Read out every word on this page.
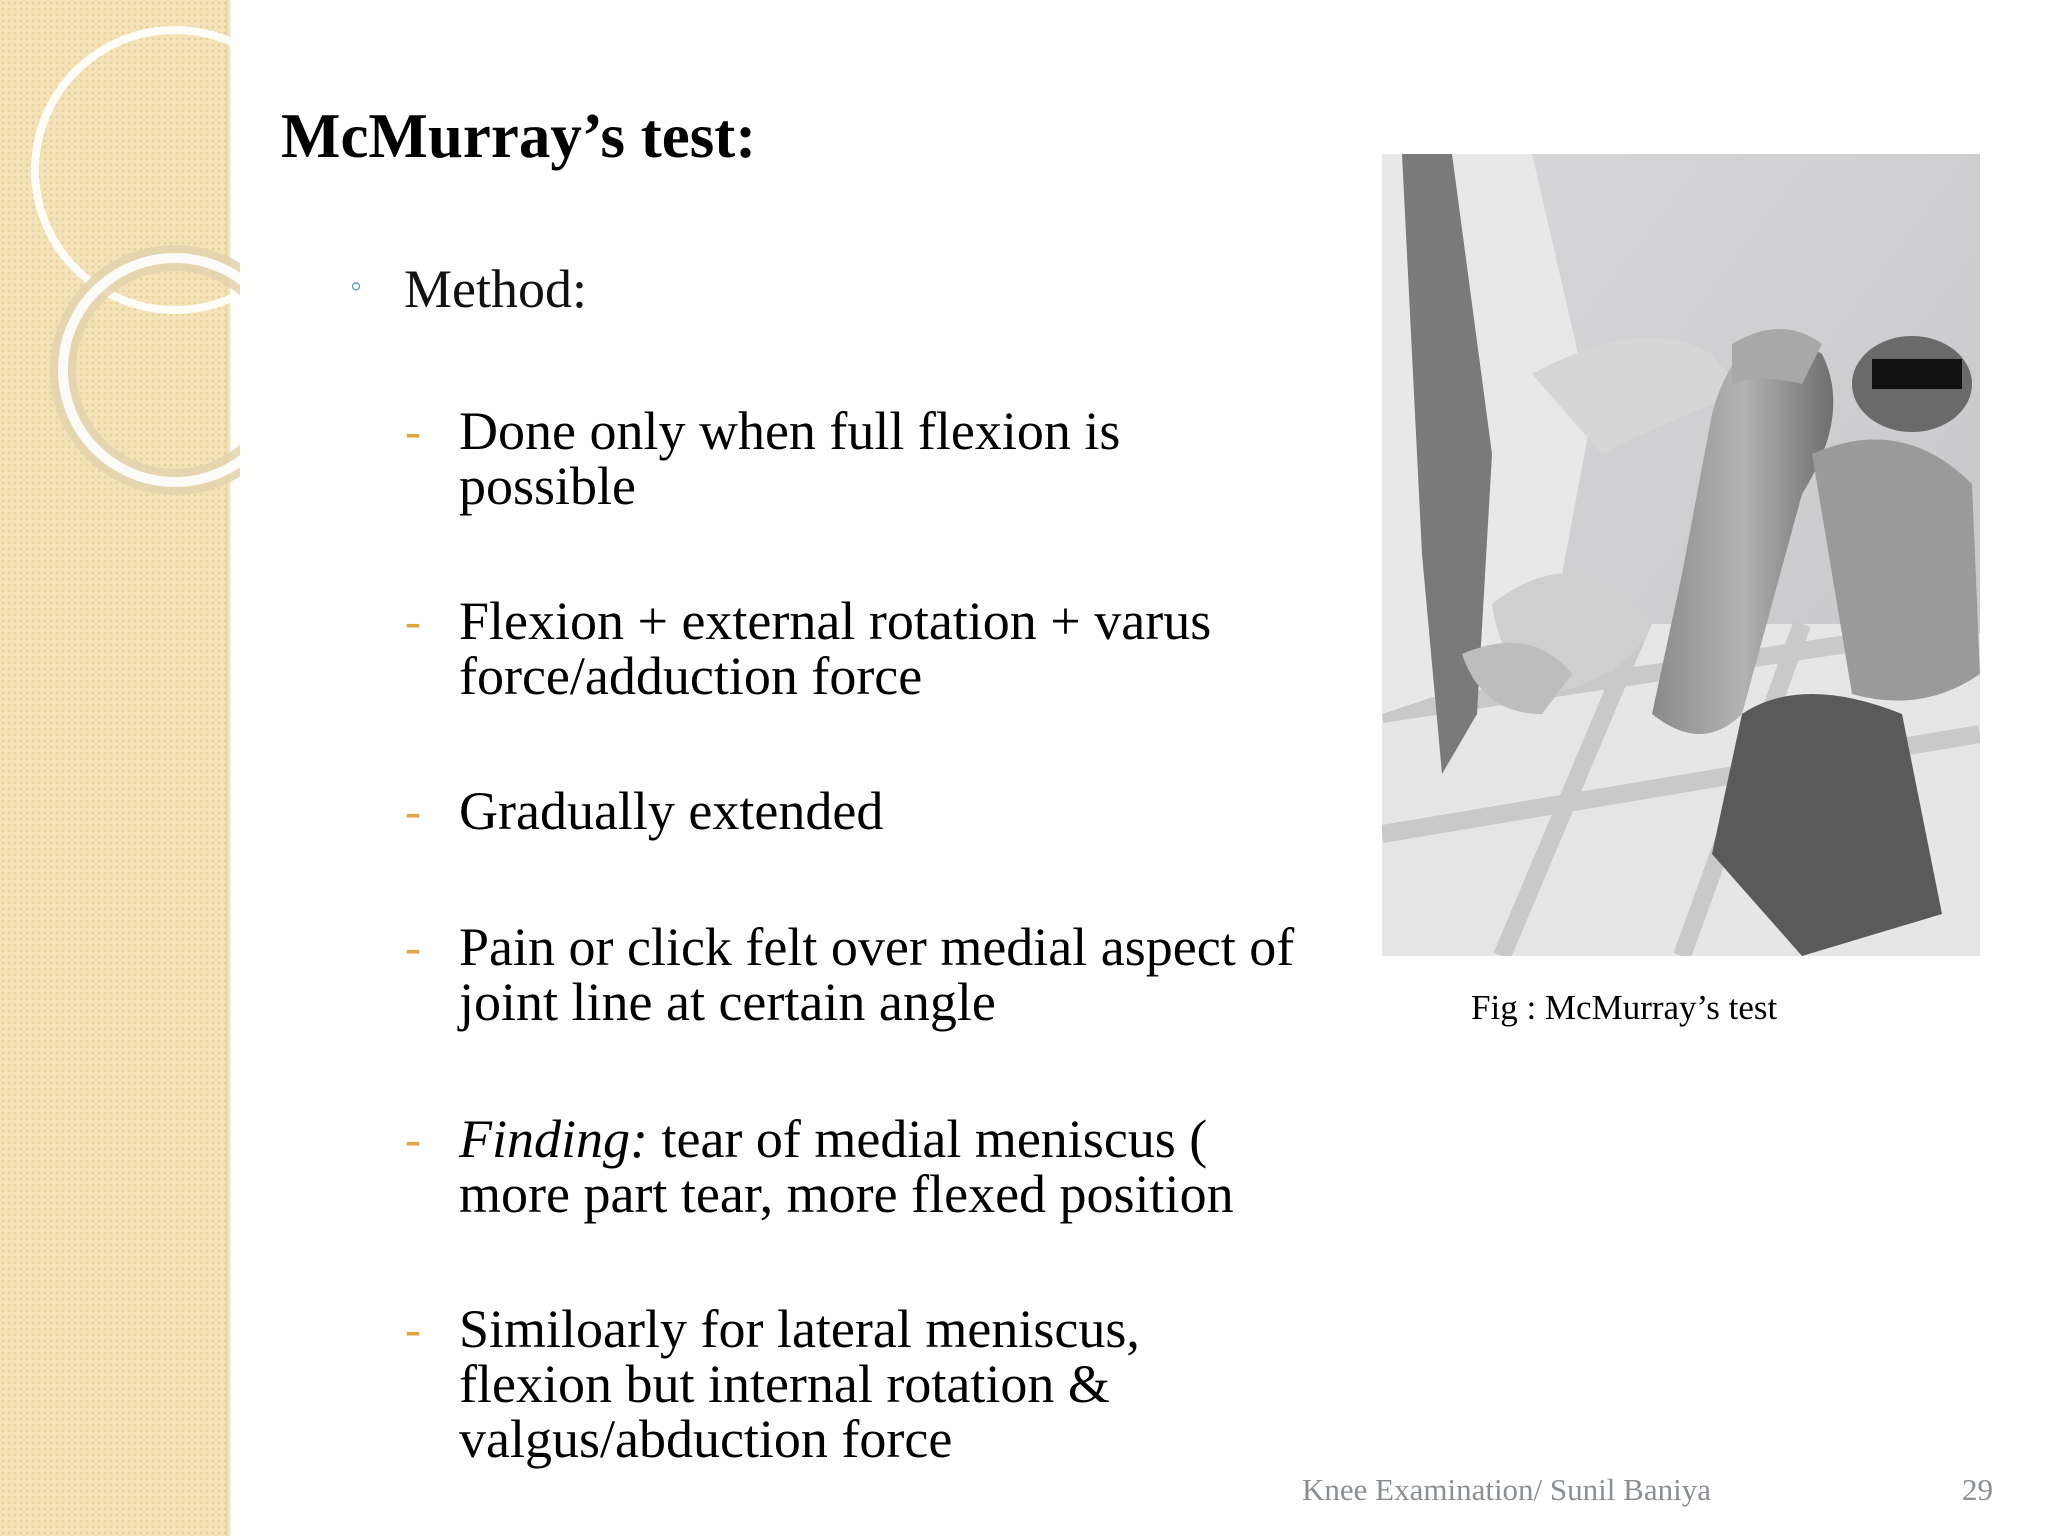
McMurray’s test:
◦ Method:
- Done only when full flexion is
possible
- Flexion + external rotation + varus
force/adduction force
- Gradually extended
- Pain or click felt over medial aspect of
joint line at certain angle
- Finding: tear of medial meniscus (
more part tear, more flexed position
- Similoarly for lateral meniscus,
flexion but internal rotation &
valgus/abduction force
Fig : McMurray’s test
Knee Examination/ Sunil Baniya	29
